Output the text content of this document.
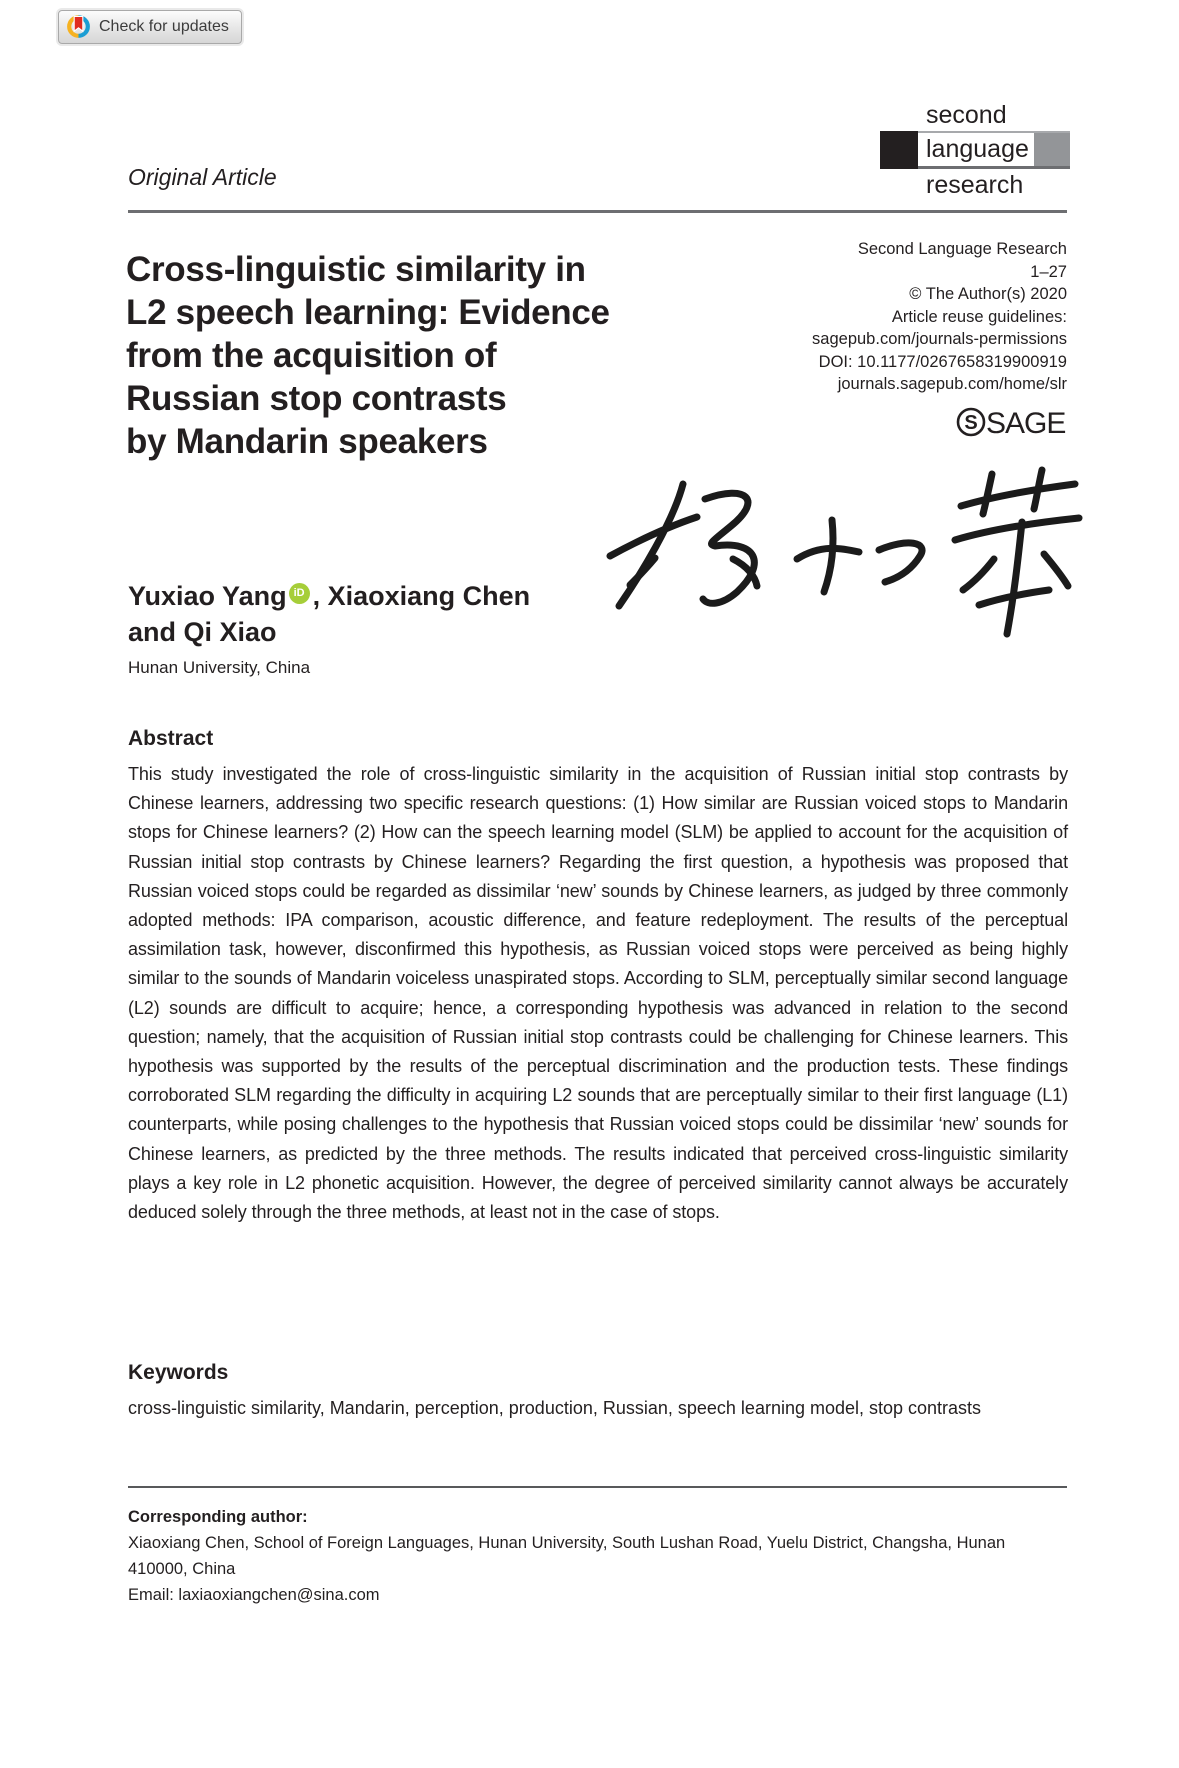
Check for updates
second
language
research
Original Article
Second Language Research
1–27
© The Author(s) 2020
Article reuse guidelines:
sagepub.com/journals-permissions
DOI: 10.1177/0267658319900919
journals.sagepub.com/home/slr
S SAGE
Cross-linguistic similarity in
L2 speech learning: Evidence
from the acquisition of
Russian stop contrasts
by Mandarin speakers
Yuxiao Yang iD , Xiaoxiang Chen
and Qi Xiao
Hunan University, China
Abstract
This study investigated the role of cross-linguistic similarity in the acquisition of Russian initial stop contrasts by Chinese learners, addressing two specific research questions: (1) How similar are Russian voiced stops to Mandarin stops for Chinese learners? (2) How can the speech learning model (SLM) be applied to account for the acquisition of Russian initial stop contrasts by Chinese learners? Regarding the first question, a hypothesis was proposed that Russian voiced stops could be regarded as dissimilar ‘new’ sounds by Chinese learners, as judged by three commonly adopted methods: IPA comparison, acoustic difference, and feature redeployment. The results of the perceptual assimilation task, however, disconfirmed this hypothesis, as Russian voiced stops were perceived as being highly similar to the sounds of Mandarin voiceless unaspirated stops. According to SLM, perceptually similar second language (L2) sounds are difficult to acquire; hence, a corresponding hypothesis was advanced in relation to the second question; namely, that the acquisition of Russian initial stop contrasts could be challenging for Chinese learners. This hypothesis was supported by the results of the perceptual discrimination and the production tests. These findings corroborated SLM regarding the difficulty in acquiring L2 sounds that are perceptually similar to their first language (L1) counterparts, while posing challenges to the hypothesis that Russian voiced stops could be dissimilar ‘new’ sounds for Chinese learners, as predicted by the three methods. The results indicated that perceived cross-linguistic similarity plays a key role in L2 phonetic acquisition. However, the degree of perceived similarity cannot always be accurately deduced solely through the three methods, at least not in the case of stops.
Keywords
cross-linguistic similarity, Mandarin, perception, production, Russian, speech learning model, stop contrasts
Corresponding author:
Xiaoxiang Chen, School of Foreign Languages, Hunan University, South Lushan Road, Yuelu District, Changsha, Hunan 410000, China
Email: laxiaoxiangchen@sina.com
